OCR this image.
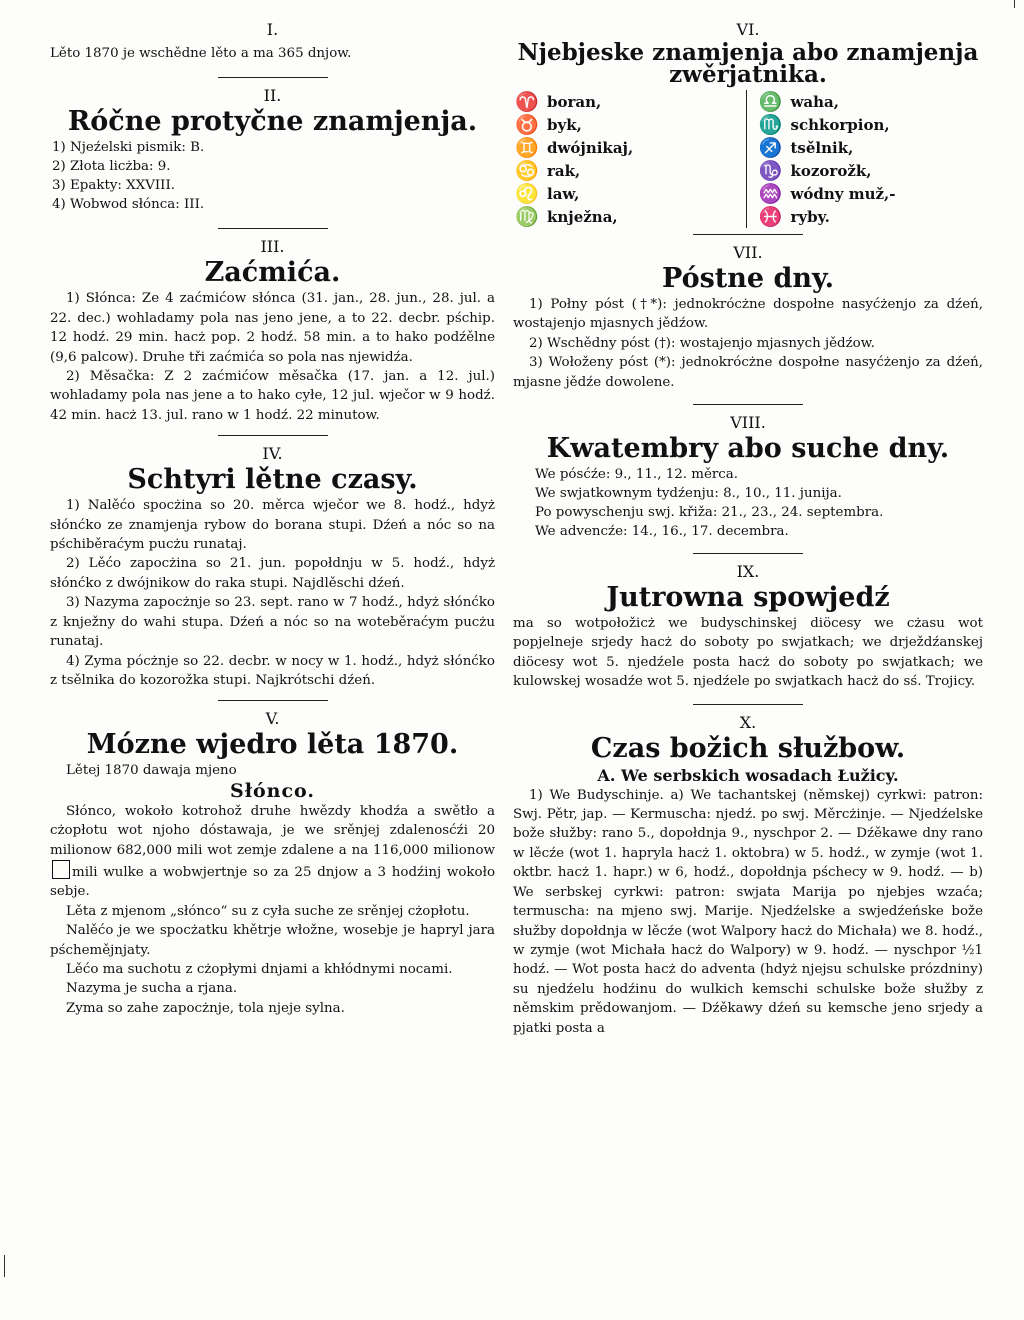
I.

Lěto 1870 je wschědne lěto a ma 365 dnjow.

II.

Róčne protyčne znamjenja.

1) Njeźelski pismik: B.

2) Złota licżba: 9.

3) Epakty: XXVIII.

4) Wobwod słónca: III.

III.

Zaćmića.

1) Słónca: Ze 4 zaćmićow słónca (31. jan., 28. jun., 28. jul. a 22. dec.) wohladamy pola nas jeno jene, a to 22. decbr. pśchip. 12 hodź. 29 min. hacż pop. 2 hodź. 58 min. a to hako podźělne (9,6 palcow). Druhe tři zaćmića so pola nas njewidźa.

2) Měsačka: Z 2 zaćmićow měsačka (17. jan. a 12. jul.) wohladamy pola nas jene a to hako cyłe, 12 jul. wječor w 9 hodź. 42 min. hacż 13. jul. rano w 1 hodź. 22 minutow.

IV.

Schtyri lětne czasy.

1) Nalěćo spocżina so 20. měrca wječor we 8. hodź., hdyż słónćko ze znamjenja rybow do borana stupi. Dźeń a nóc so na pśchiběraćym pucżu runataj.

2) Lěćo zapocżina so 21. jun. popołdnju w 5. hodź., hdyż słónćko z dwójnikow do raka stupi. Najdlěschi dźeń.

3) Nazyma zapocżnje so 23. sept. rano w 7 hodź., hdyż słónćko z knježny do wahi stupa. Dźeń a nóc so na woteběraćym pucżu runataj.

4) Zyma pócżnje so 22. decbr. w nocy w 1. hodź., hdyż słónćko z tsělnika do kozorožka stupi. Najkrótschi dźeń.

V.

Mózne wjedro lěta 1870.

Lětej 1870 dawaja mjeno

Słónco.

Słónco, wokoło kotrohož druhe hwězdy khodźa a swětło a cżopłotu wot njoho dóstawaja, je we srěnjej zdalenosćźi 20 milionow 682,000 mili wot zemje zdalene a na 116,000 milionow mili wulke a wobwjertnje so za 25 dnjow a 3 hodźinj wokoło sebje.

Lěta z mjenom „słónco“ su z cyła suche ze srěnjej cżopłotu.

Nalěćo je we spocżatku khětrje włožne, wosebje je hapryl jara pśchemějnjaty.

Lěćo ma suchotu z cżopłymi dnjami a khłódnymi nocami.

Nazyma je sucha a rjana.

Zyma so zahe zapocżnje, tola njeje sylna.

VI.

Njebjeske znamjenja abo znamjenja

zwěrjatnika.

♈ boran,
♉ byk,
♊ dwójnikaj,
♋ rak,
♌ law,
♍ knježna,
♎ waha,
♏ schkorpion,
♐ tsělnik,
♑ kozorožk,
♒ wódny muž,-
♓ ryby.

VII.

Póstne dny.

1) Połny póst (†*): jednokrócżne dospołne nasyćżenjo za dźeń, wostajenjo mjasnych jědźow.

2) Wschědny póst (†): wostajenjo mjasnych jědźow.

3) Wołoženy póst (*): jednokrócżne dospołne nasyćżenjo za dźeń, mjasne jědźe dowolene.

VIII.

Kwatembry abo suche dny.

We pósćźe: 9., 11., 12. měrca.

We swjatkownym tydźenju: 8., 10., 11. junija.

Po powyschenju swj. křiža: 21., 23., 24. septembra.

We advencźe: 14., 16., 17. decembra.

IX.

Jutrowna spowjedź

ma so wotpołožicż we budyschinskej diöcesy we cżasu wot popjelneje srjedy hacż do soboty po swjatkach; we drježdźanskej diöcesy wot 5. njedźele posta hacż do soboty po swjatkach; we kulowskej wosadźe wot 5. njedźele po swjatkach hacż do sś. Trojicy.

X.

Czas božich słužbow.

A. We serbskich wosadach Łužicy.

1) We Budyschinje. a) We tachantskej (němskej) cyrkwi: patron: Swj. Pětr, jap. — Kermuscha: njedź. po swj. Měrcżinje. — Njedźelske bože słužby: rano 5., dopołdnja 9., nyschpor 2. — Dźěkawe dny rano w lěcźe (wot 1. hapryla hacż 1. oktobra) w 5. hodź., w zymje (wot 1. oktbr. hacż 1. hapr.) w 6, hodź., dopołdnja pśchecy w 9. hodź. — b) We serbskej cyrkwi: patron: swjata Marija po njebjes wzaća; termuscha: na mjeno swj. Marije. Njedźelske a swjedźeńske bože słužby dopołdnja w lěcźe (wot Walpory hacż do Michała) we 8. hodź., w zymje (wot Michała hacż do Walpory) w 9. hodź. — nyschpor ½1 hodź. — Wot posta hacż do adventa (hdyż njejsu schulske prózdniny) su njedźelu hodźinu do wulkich kemschi schulske bože słužby z němskim prědowanjom. — Dźěkawy dźeń su kemsche jeno srjedy a pjatki posta a
